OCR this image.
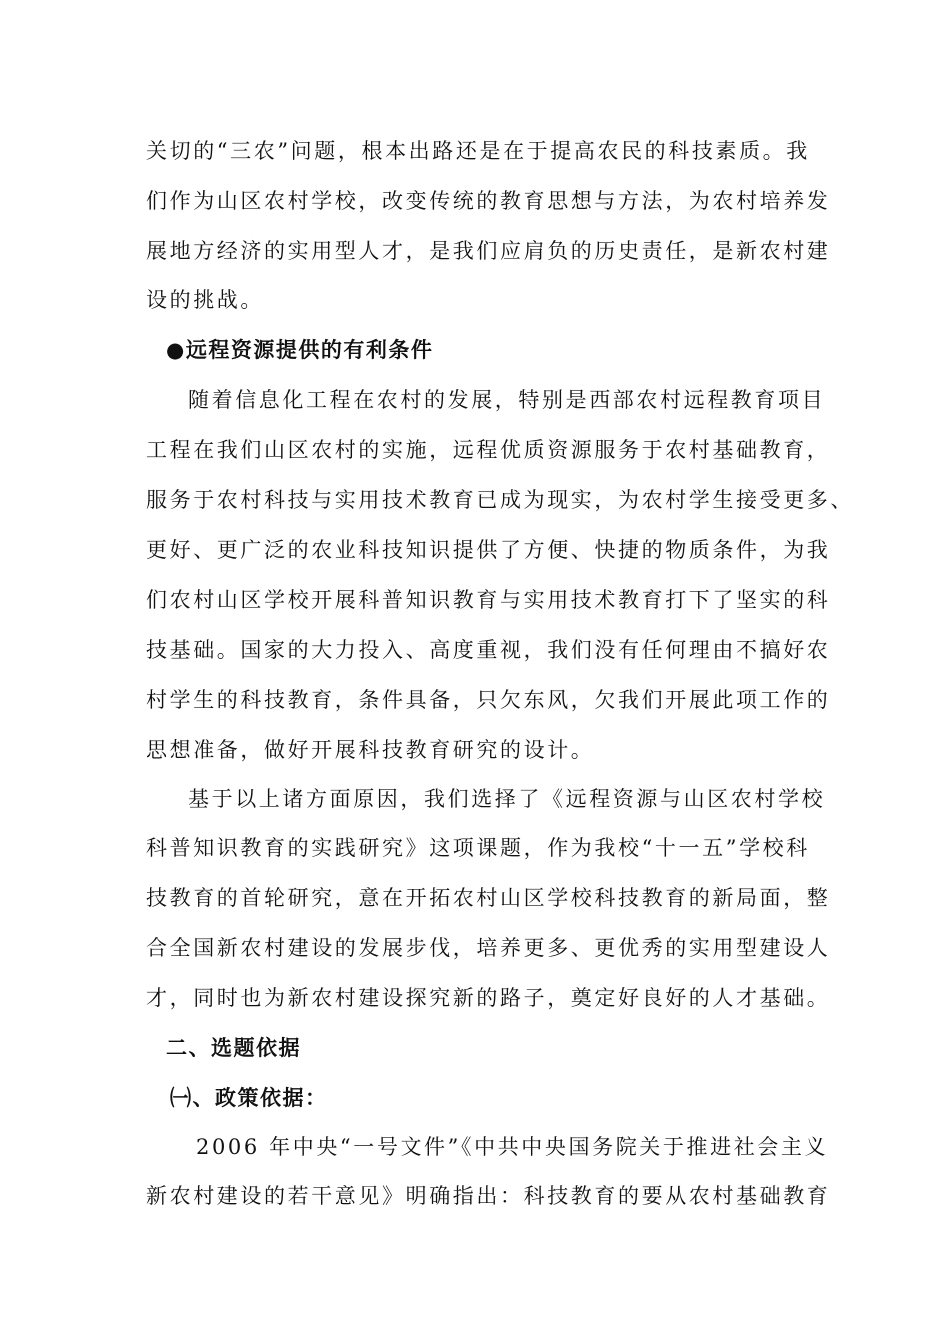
关切的“三农”问题，根本出路还是在于提高农民的科技素质。我
们作为山区农村学校，改变传统的教育思想与方法，为农村培养发
展地方经济的实用型人才，是我们应肩负的历史责任，是新农村建
设的挑战。
●远程资源提供的有利条件
随着信息化工程在农村的发展，特别是西部农村远程教育项目
工程在我们山区农村的实施，远程优质资源服务于农村基础教育，
服务于农村科技与实用技术教育已成为现实，为农村学生接受更多、
更好、更广泛的农业科技知识提供了方便、快捷的物质条件，为我
们农村山区学校开展科普知识教育与实用技术教育打下了坚实的科
技基础。国家的大力投入、高度重视，我们没有任何理由不搞好农
村学生的科技教育，条件具备，只欠东风，欠我们开展此项工作的
思想准备，做好开展科技教育研究的设计。
基于以上诸方面原因，我们选择了《远程资源与山区农村学校
科普知识教育的实践研究》这项课题，作为我校“十一五”学校科
技教育的首轮研究，意在开拓农村山区学校科技教育的新局面，整
合全国新农村建设的发展步伐，培养更多、更优秀的实用型建设人
才，同时也为新农村建设探究新的路子，奠定好良好的人才基础。
二、选题依据
㈠、政策依据：
2006 年中央“一号文件”《中共中央国务院关于推进社会主义
新农村建设的若干意见》明确指出：科技教育的要从农村基础教育
